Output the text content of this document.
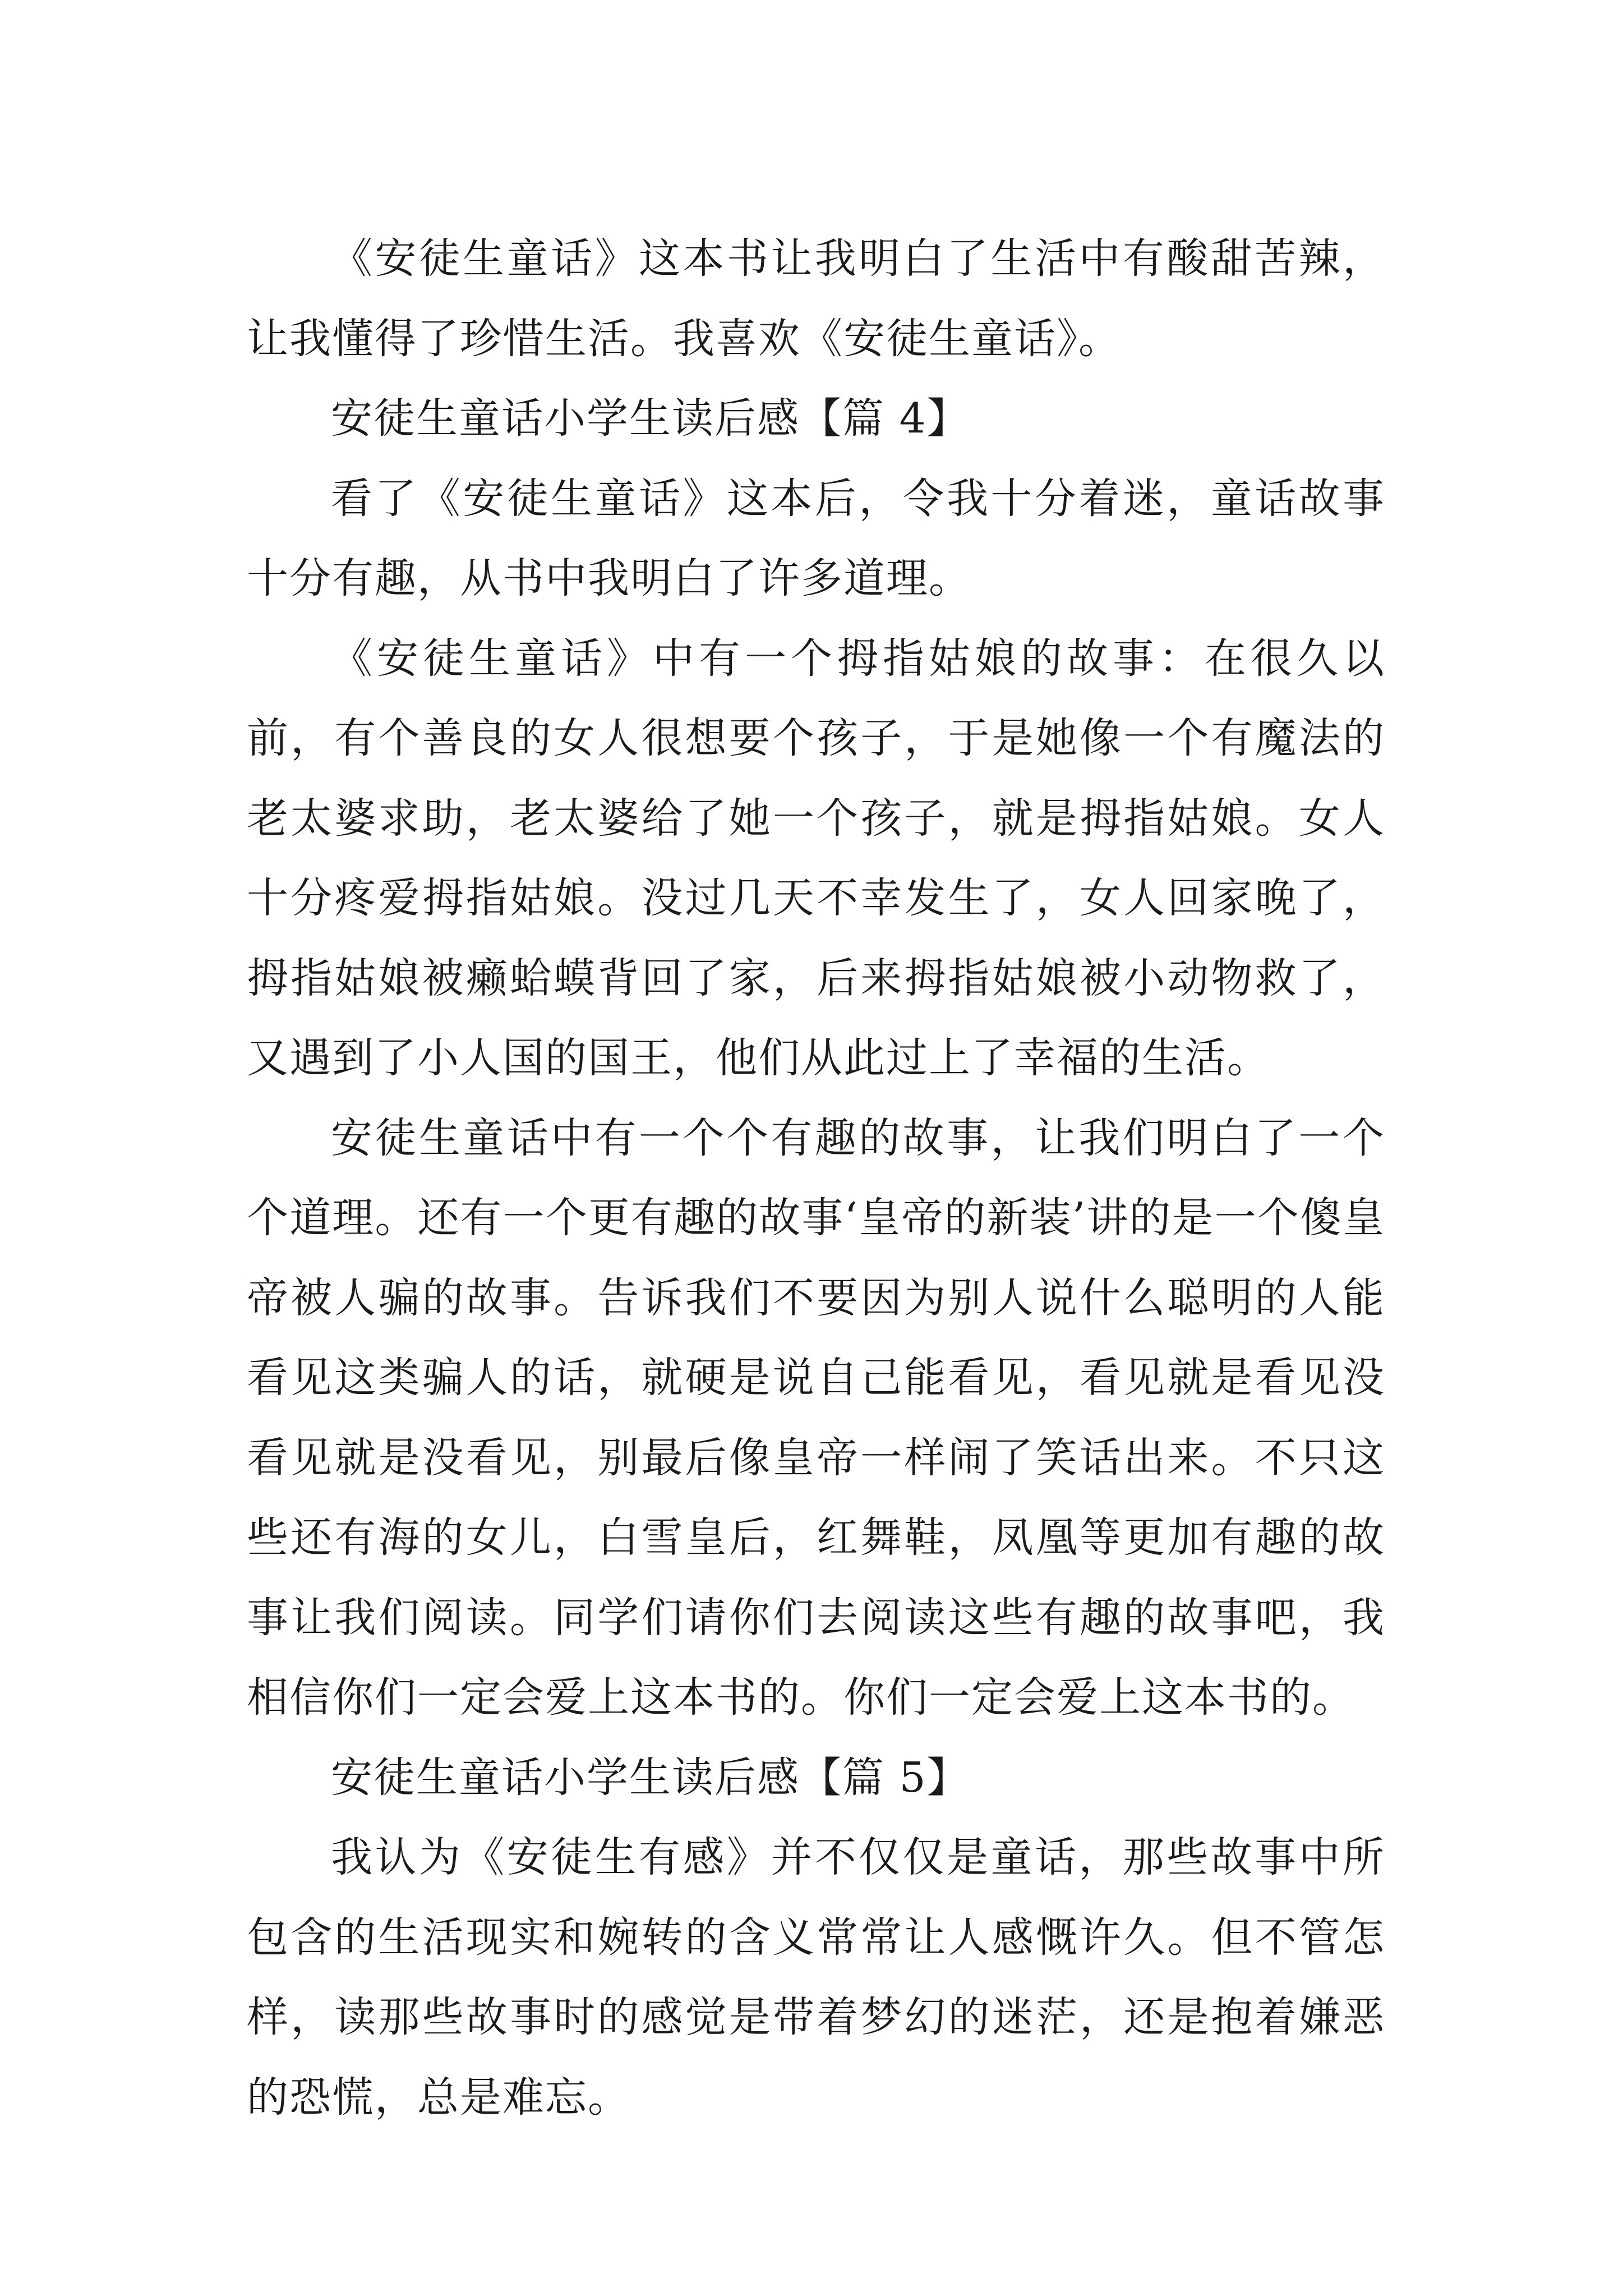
《安徒生童话》这本书让我明白了生活中有酸甜苦辣，让我懂得了珍惜生活。我喜欢《安徒生童话》。

安徒生童话小学生读后感【篇 4】

看了《安徒生童话》这本后，令我十分着迷，童话故事十分有趣，从书中我明白了许多道理。

《安徒生童话》中有一个拇指姑娘的故事：在很久以前，有个善良的女人很想要个孩子，于是她像一个有魔法的老太婆求助，老太婆给了她一个孩子，就是拇指姑娘。女人十分疼爱拇指姑娘。没过几天不幸发生了，女人回家晚了，拇指姑娘被癞蛤蟆背回了家，后来拇指姑娘被小动物救了，又遇到了小人国的国王，他们从此过上了幸福的生活。

安徒生童话中有一个个有趣的故事，让我们明白了一个个道理。还有一个更有趣的故事‘皇帝的新装’讲的是一个傻皇帝被人骗的故事。告诉我们不要因为别人说什么聪明的人能看见这类骗人的话，就硬是说自己能看见，看见就是看见没看见就是没看见，别最后像皇帝一样闹了笑话出来。不只这些还有海的女儿，白雪皇后，红舞鞋，凤凰等更加有趣的故事让我们阅读。同学们请你们去阅读这些有趣的故事吧，我相信你们一定会爱上这本书的。你们一定会爱上这本书的。

安徒生童话小学生读后感【篇 5】

我认为《安徒生有感》并不仅仅是童话，那些故事中所包含的生活现实和婉转的含义常常让人感慨许久。但不管怎样，读那些故事时的感觉是带着梦幻的迷茫，还是抱着嫌恶的恐慌，总是难忘。
